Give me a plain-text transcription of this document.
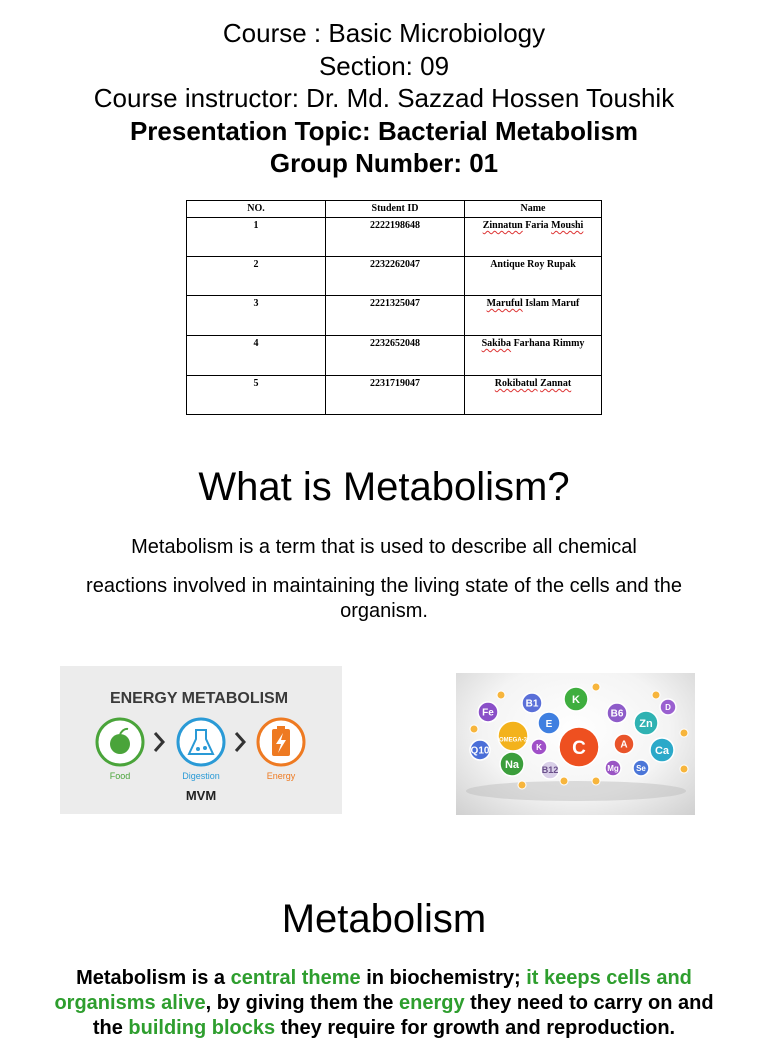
Course : Basic Microbiology
Section: 09
Course instructor: Dr. Md. Sazzad Hossen Toushik
Presentation Topic: Bacterial Metabolism
Group Number: 01
NO.	Student ID	Name
1	2222198648	Zinnatun Faria Moushi
2	2232262047	Antique Roy Rupak
3	2221325047	Maruful Islam Maruf
4	2232652048	Sakiba Farhana Rimmy
5	2231719047	Rokibatul Zannat
What is Metabolism?
Metabolism is a term that is used to describe all chemical
reactions involved in maintaining the living state of the cells and the organism.
ENERGY METABOLISM
Food	Digestion	Energy
MVM
B1	K
Fe
E
B6
Zn
D
OMEGA-3
Q10	K C	A
Ca
Na	B12	Mg Se
Metabolism
Metabolism is a central theme in biochemistry; it keeps cells and organisms alive, by giving them the energy they need to carry on and the building blocks they require for growth and reproduction.
